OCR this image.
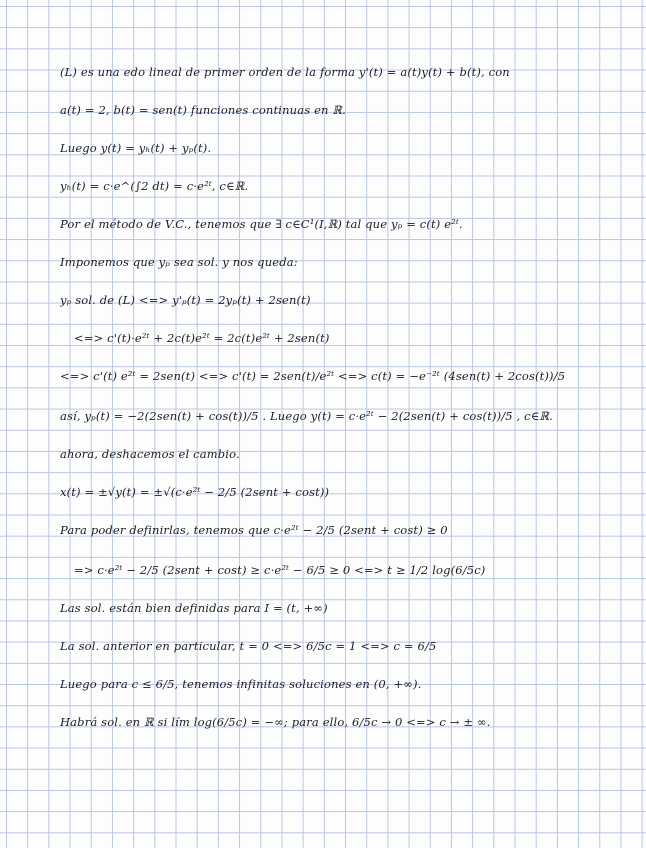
(L) es una edo lineal de primer orden de la forma y'(t) = a(t)y(t) + b(t), con
a(t) = 2, b(t) = sen(t) funciones continuas en ℝ.
Luego y(t) = yₕ(t) + yₚ(t).
yₕ(t) = c·e^(∫2 dt) = c·e²ᵗ, c∈ℝ.
Por el método de V.C., tenemos que ∃ c∈C¹(I,ℝ) tal que yₚ = c(t) e²ᵗ.
Imponemos que yₚ sea sol. y nos queda:
yₚ sol. de (L) <=> y'ₚ(t) = 2yₚ(t) + 2sen(t)
<=> c'(t)·e²ᵗ + 2c(t)e²ᵗ = 2c(t)e²ᵗ + 2sen(t)
<=> c'(t) e²ᵗ = 2sen(t) <=> c'(t) = 2sen(t)/e²ᵗ <=> c(t) = −e⁻²ᵗ (4sen(t) + 2cos(t))/5
así, yₚ(t) = −2(2sen(t) + cos(t))/5 . Luego y(t) = c·e²ᵗ − 2(2sen(t) + cos(t))/5 , c∈ℝ.
ahora, deshacemos el cambio.
x(t) = ±√y(t) = ±√(c·e²ᵗ − 2/5 (2sent + cost))
Para poder definirlas, tenemos que c·e²ᵗ − 2/5 (2sent + cost) ≥ 0
=> c·e²ᵗ − 2/5 (2sent + cost) ≥ c·e²ᵗ − 6/5 ≥ 0 <=> t ≥ 1/2 log(6/5c)
Las sol. están bien definidas para I = (t, +∞)
La sol. anterior en particular, t = 0 <=> 6/5c = 1 <=> c = 6/5
Luego para c ≤ 6/5, tenemos infinitas soluciones en (0, +∞).
Habrá sol. en ℝ si lím log(6/5c) = −∞; para ello, 6/5c → 0 <=> c → ± ∞.
